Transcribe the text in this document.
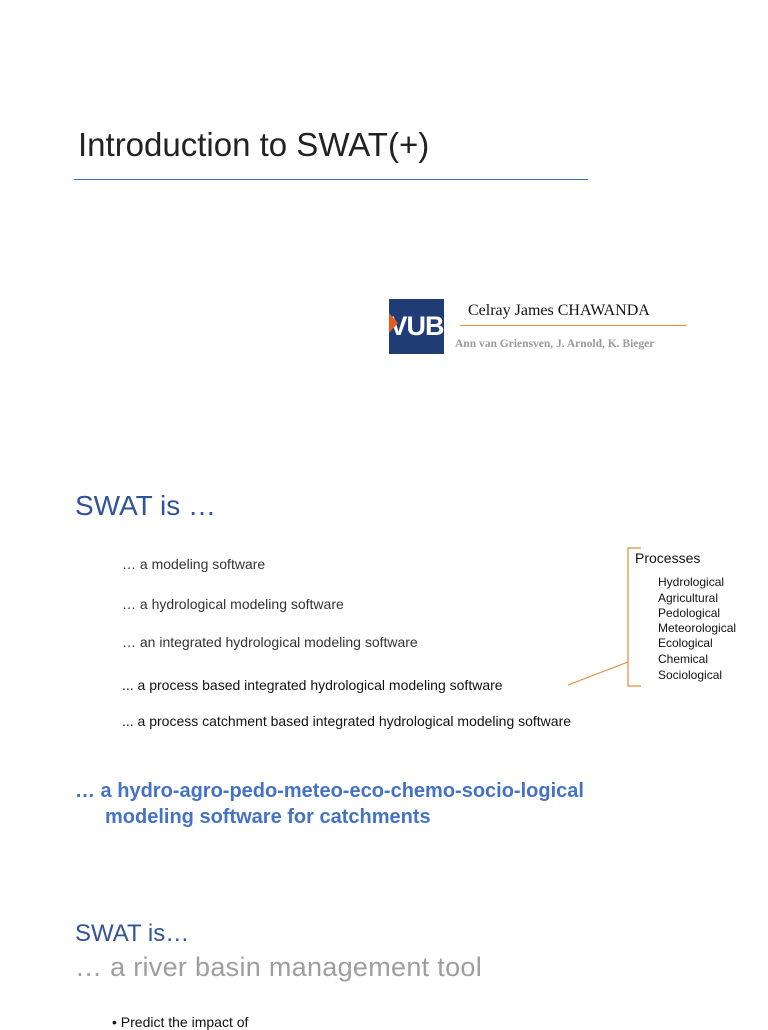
Introduction to SWAT(+)
VUB
Celray James CHAWANDA
Ann van Griensven, J. Arnold, K. Bieger
SWAT is …
… a modeling software
… a hydrological modeling software
… an integrated hydrological modeling software
... a process based integrated hydrological modeling software
... a process catchment based integrated hydrological modeling software
Processes
Hydrological
Agricultural
Pedological
Meteorological
Ecological
Chemical
Sociological
… a hydro-agro-pedo-meteo-eco-chemo-socio-logical
modeling software for catchments
SWAT is…
… a river basin management tool
• Predict the impact of
